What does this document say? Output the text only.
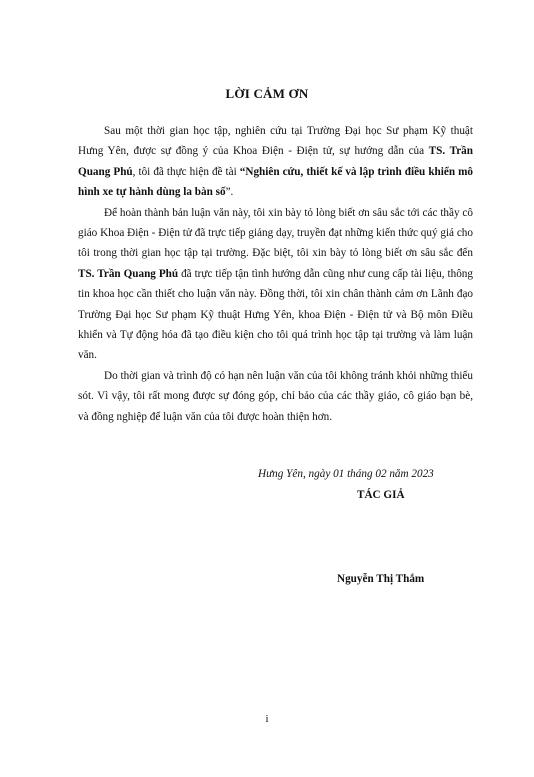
LỜI CẢM ƠN

Sau một thời gian học tập, nghiên cứu tại Trường Đại học Sư phạm Kỹ thuật Hưng Yên, được sự đồng ý của Khoa Điện - Điện tử, sự hướng dẫn của TS. Trần Quang Phú, tôi đã thực hiện đề tài “Nghiên cứu, thiết kế và lập trình điều khiển mô hình xe tự hành dùng la bàn số”.

Để hoàn thành bản luận văn này, tôi xin bày tỏ lòng biết ơn sâu sắc tới các thầy cô giáo Khoa Điện - Điện tử đã trực tiếp giảng dạy, truyền đạt những kiến thức quý giá cho tôi trong thời gian học tập tại trường. Đặc biệt, tôi xin bày tỏ lòng biết ơn sâu sắc đến TS. Trần Quang Phú đã trực tiếp tận tình hướng dẫn cũng như cung cấp tài liệu, thông tin khoa học cần thiết cho luận văn này. Đồng thời, tôi xin chân thành cảm ơn Lãnh đạo Trường Đại học Sư phạm Kỹ thuật Hưng Yên, khoa Điện - Điện tử và Bộ môn Điều khiển và Tự động hóa đã tạo điều kiện cho tôi quá trình học tập tại trường và làm luận văn.

Do thời gian và trình độ có hạn nên luận văn của tôi không tránh khỏi những thiếu sót. Vì vậy, tôi rất mong được sự đóng góp, chỉ bảo của các thầy giáo, cô giáo bạn bè, và đồng nghiệp để luận văn của tôi được hoàn thiện hơn.

Hưng Yên, ngày 01 tháng 02 năm 2023
TÁC GIẢ
Nguyễn Thị Thắm
i
